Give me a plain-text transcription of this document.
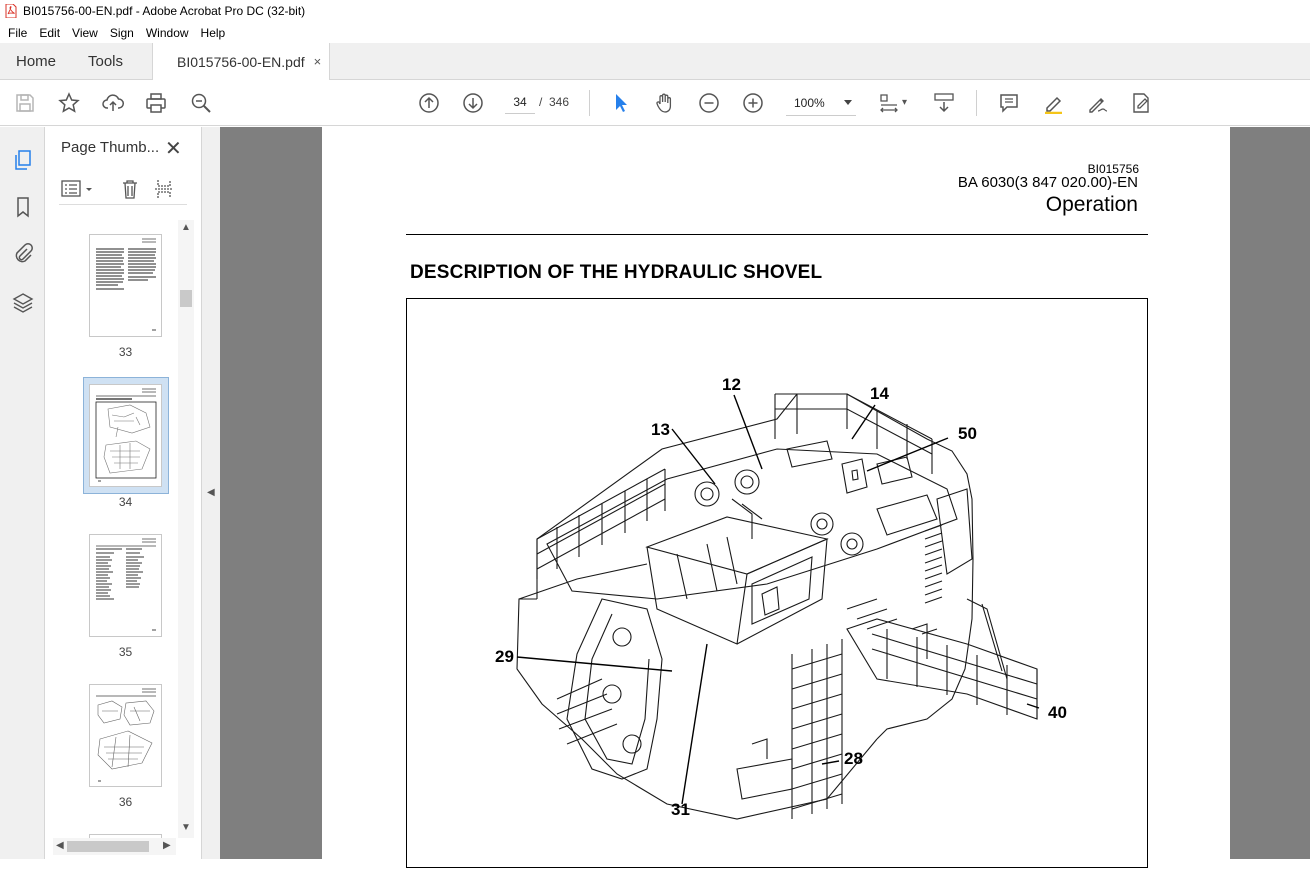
BI015756-00-EN.pdf - Adobe Acrobat Pro DC (32-bit)
File	Edit	View	Sign	Window	Help
Home	Tools	BI015756-00-EN.pdf ×
▾
34	/ 346	100%
Page Thumb... ✕
▲
▼
◀	▶
33
34
35
36
◀
BI015756
BA 6030(3 847 020.00)-EN
Operation
DESCRIPTION OF THE HYDRAULIC SHOVEL
12	14
13	50
29
40
28
31
